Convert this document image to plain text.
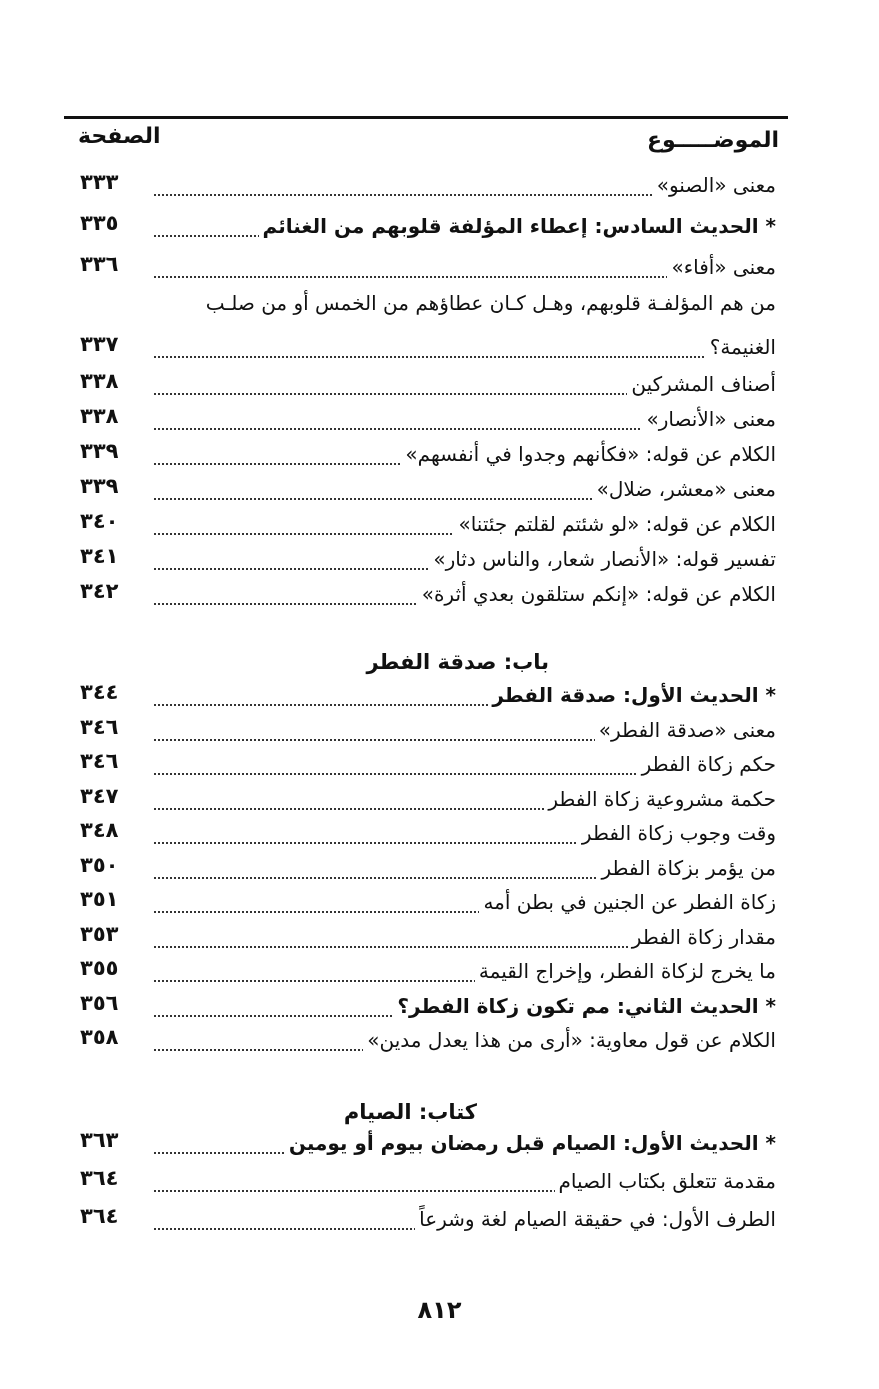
الموضـــــوع
الصفحة
معنى «الصنو»
٣٣٣
* الحديث السادس: إعطاء المؤلفة قلوبهم من الغنائم
٣٣٥
معنى «أفاء»
٣٣٦
من هم المؤلفـة قلوبهم، وهـل كـان عطاؤهم من الخمس أو من صلـب
الغنيمة؟
٣٣٧
أصناف المشركين
٣٣٨
معنى «الأنصار»
٣٣٨
الكلام عن قوله: «فكأنهم وجدوا في أنفسهم»
٣٣٩
معنى «معشر، ضلال»
٣٣٩
الكلام عن قوله: «لو شئتم لقلتم جئتنا»
٣٤٠
تفسير قوله: «الأنصار شعار، والناس دثار»
٣٤١
الكلام عن قوله: «إنكم ستلقون بعدي أثرة»
٣٤٢
باب: صدقة الفطر
* الحديث الأول: صدقة الفطر
٣٤٤
معنى «صدقة الفطر»
٣٤٦
حكم زكاة الفطر
٣٤٦
حكمة مشروعية زكاة الفطر
٣٤٧
وقت وجوب زكاة الفطر
٣٤٨
من يؤمر بزكاة الفطر
٣٥٠
زكاة الفطر عن الجنين في بطن أمه
٣٥١
مقدار زكاة الفطر
٣٥٣
ما يخرج لزكاة الفطر، وإخراج القيمة
٣٥٥
* الحديث الثاني: مم تكون زكاة الفطر؟
٣٥٦
الكلام عن قول معاوية: «أرى من هذا يعدل مدين»
٣٥٨
كتاب: الصيام
* الحديث الأول: الصيام قبل رمضان بيوم أو يومين
٣٦٣
مقدمة تتعلق بكتاب الصيام
٣٦٤
الطرف الأول: في حقيقة الصيام لغة وشرعاً
٣٦٤
٨١٢
